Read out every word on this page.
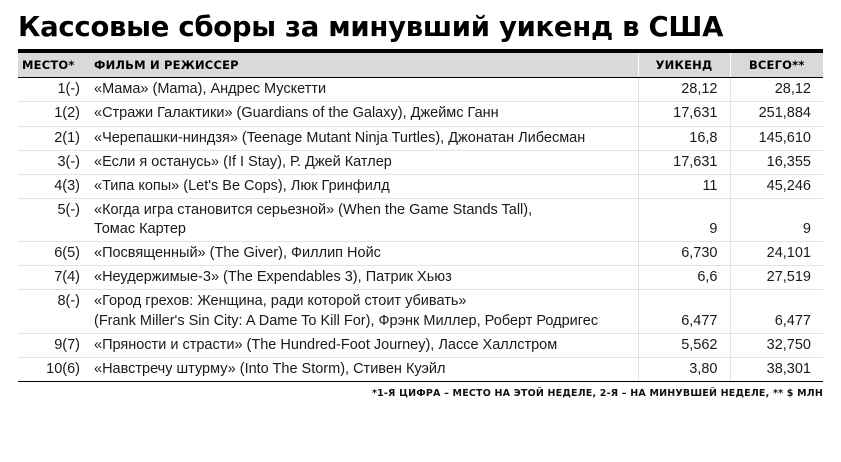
Кассовые сборы за минувший уикенд в США
МЕСТО*	ФИЛЬМ И РЕЖИССЕР	УИКЕНД	ВСЕГО**
1(-)	«Мама» (Mama), Андрес Мускетти	28,12	28,12
1(2)	«Стражи Галактики» (Guardians of the Galaxy), Джеймс Ганн	17,631	251,884
2(1)	«Черепашки-ниндзя» (Teenage Mutant Ninja Turtles), Джонатан Либесман	16,8	145,610
3(-)	«Если я останусь» (If I Stay), Р. Джей Катлер	17,631	16,355
4(3)	«Типа копы» (Let's Be Cops), Люк Гринфилд	11	45,246
5(-)	«Когда игра становится серьезной» (When the Game Stands Tall),
Томас Картер	9	9
6(5)	«Посвященный» (The Giver), Филлип Нойс	6,730	24,101
7(4)	«Неудержимые-3» (The Expendables 3), Патрик Хьюз	6,6	27,519
8(-)	«Город грехов: Женщина, ради которой стоит убивать»
(Frank Miller's Sin City: A Dame To Kill For), Фрэнк Миллер, Роберт Родригес	6,477	6,477
9(7)	«Пряности и страсти» (The Hundred-Foot Journey), Лассе Халлстром	5,562	32,750
10(6)	«Навстречу штурму» (Into The Storm), Стивен Куэйл	3,80	38,301
*1-Я ЦИФРА – МЕСТО НА ЭТОЙ НЕДЕЛЕ, 2-Я – НА МИНУВШЕЙ НЕДЕЛЕ, ** $ МЛН
